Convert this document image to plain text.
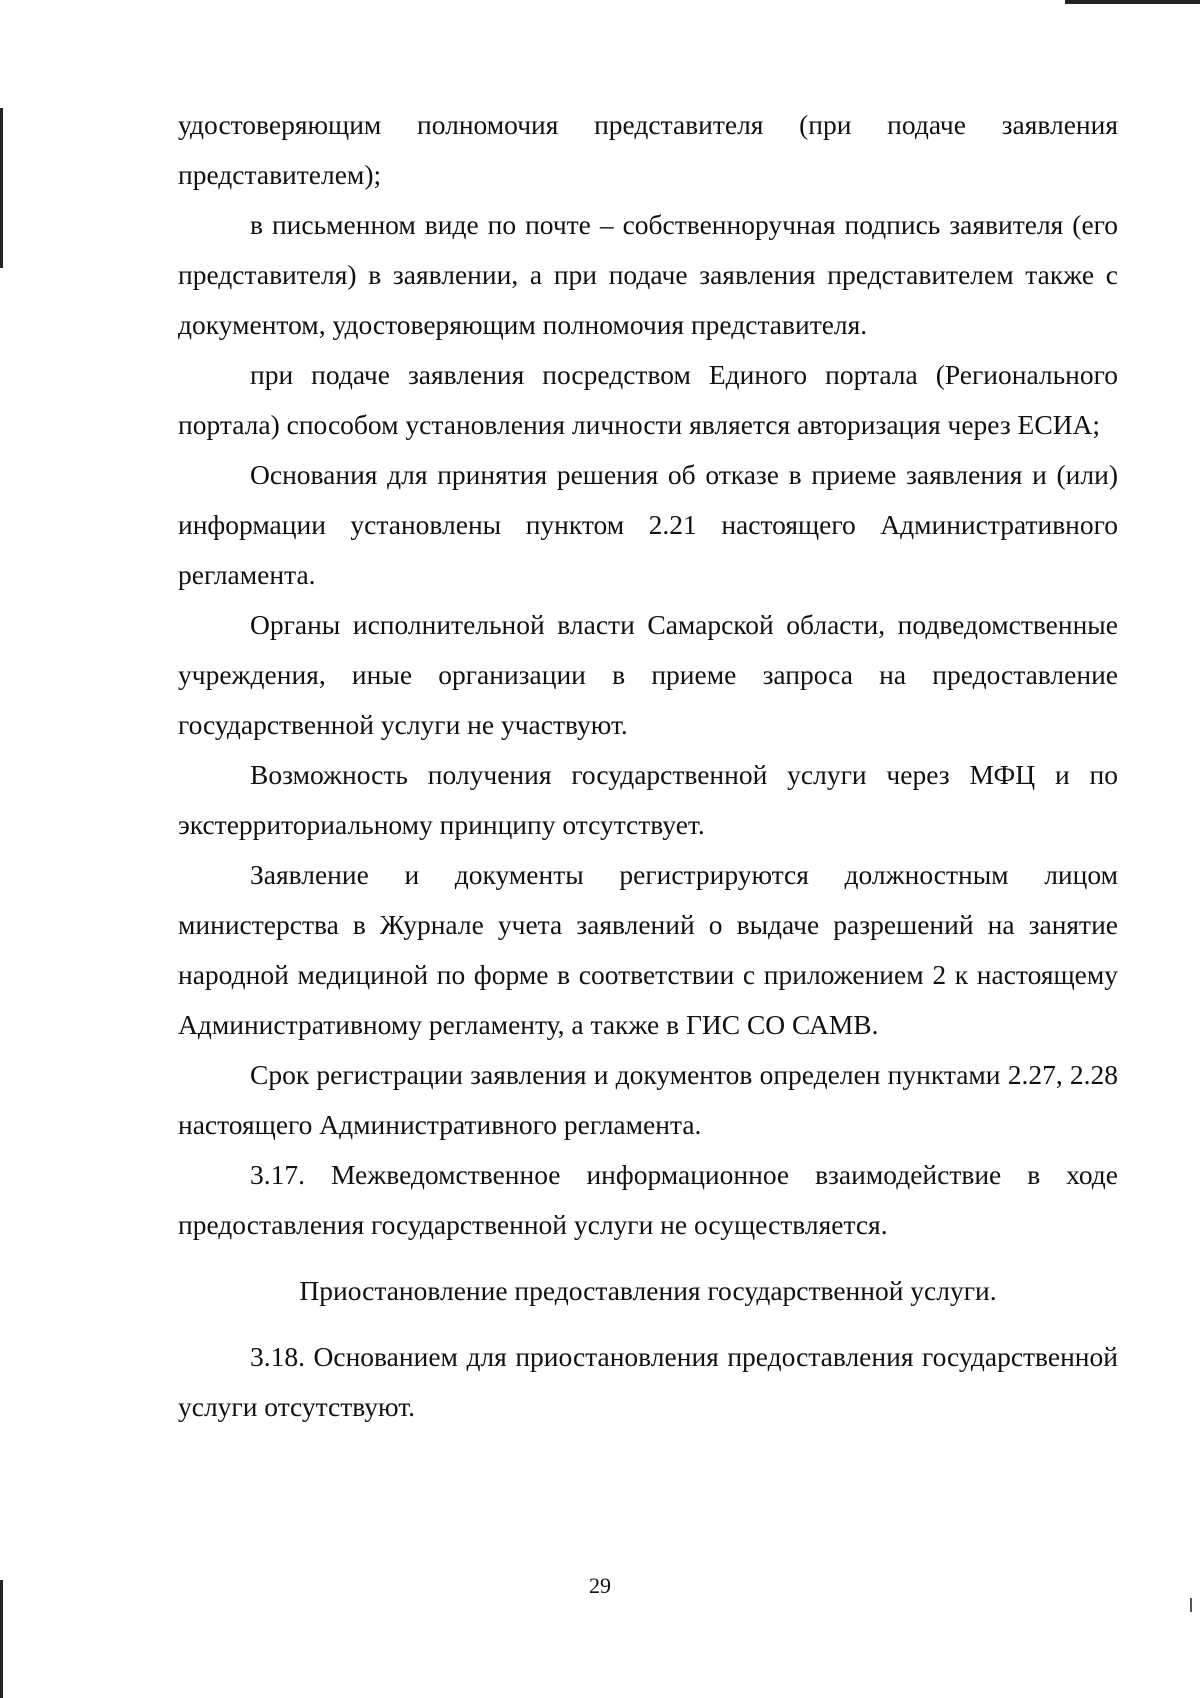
удостоверяющим полномочия представителя (при подаче заявления представителем);

в письменном виде по почте – собственноручная подпись заявителя (его представителя) в заявлении, а при подаче заявления представителем также с документом, удостоверяющим полномочия представителя.

при подаче заявления посредством Единого портала (Регионального портала) способом установления личности является авторизация через ЕСИА;

Основания для принятия решения об отказе в приеме заявления и (или) информации установлены пунктом 2.21 настоящего Административного регламента.

Органы исполнительной власти Самарской области, подведомственные учреждения, иные организации в приеме запроса на предоставление государственной услуги не участвуют.

Возможность получения государственной услуги через МФЦ и по экстерриториальному принципу отсутствует.

Заявление и документы регистрируются должностным лицом министерства в Журнале учета заявлений о выдаче разрешений на занятие народной медициной по форме в соответствии с приложением 2 к настоящему Административному регламенту, а также в ГИС СО САМВ.

Срок регистрации заявления и документов определен пунктами 2.27, 2.28 настоящего Административного регламента.

3.17. Межведомственное информационное взаимодействие в ходе предоставления государственной услуги не осуществляется.

Приостановление предоставления государственной услуги.

3.18. Основанием для приостановления предоставления государственной услуги отсутствуют.

29
